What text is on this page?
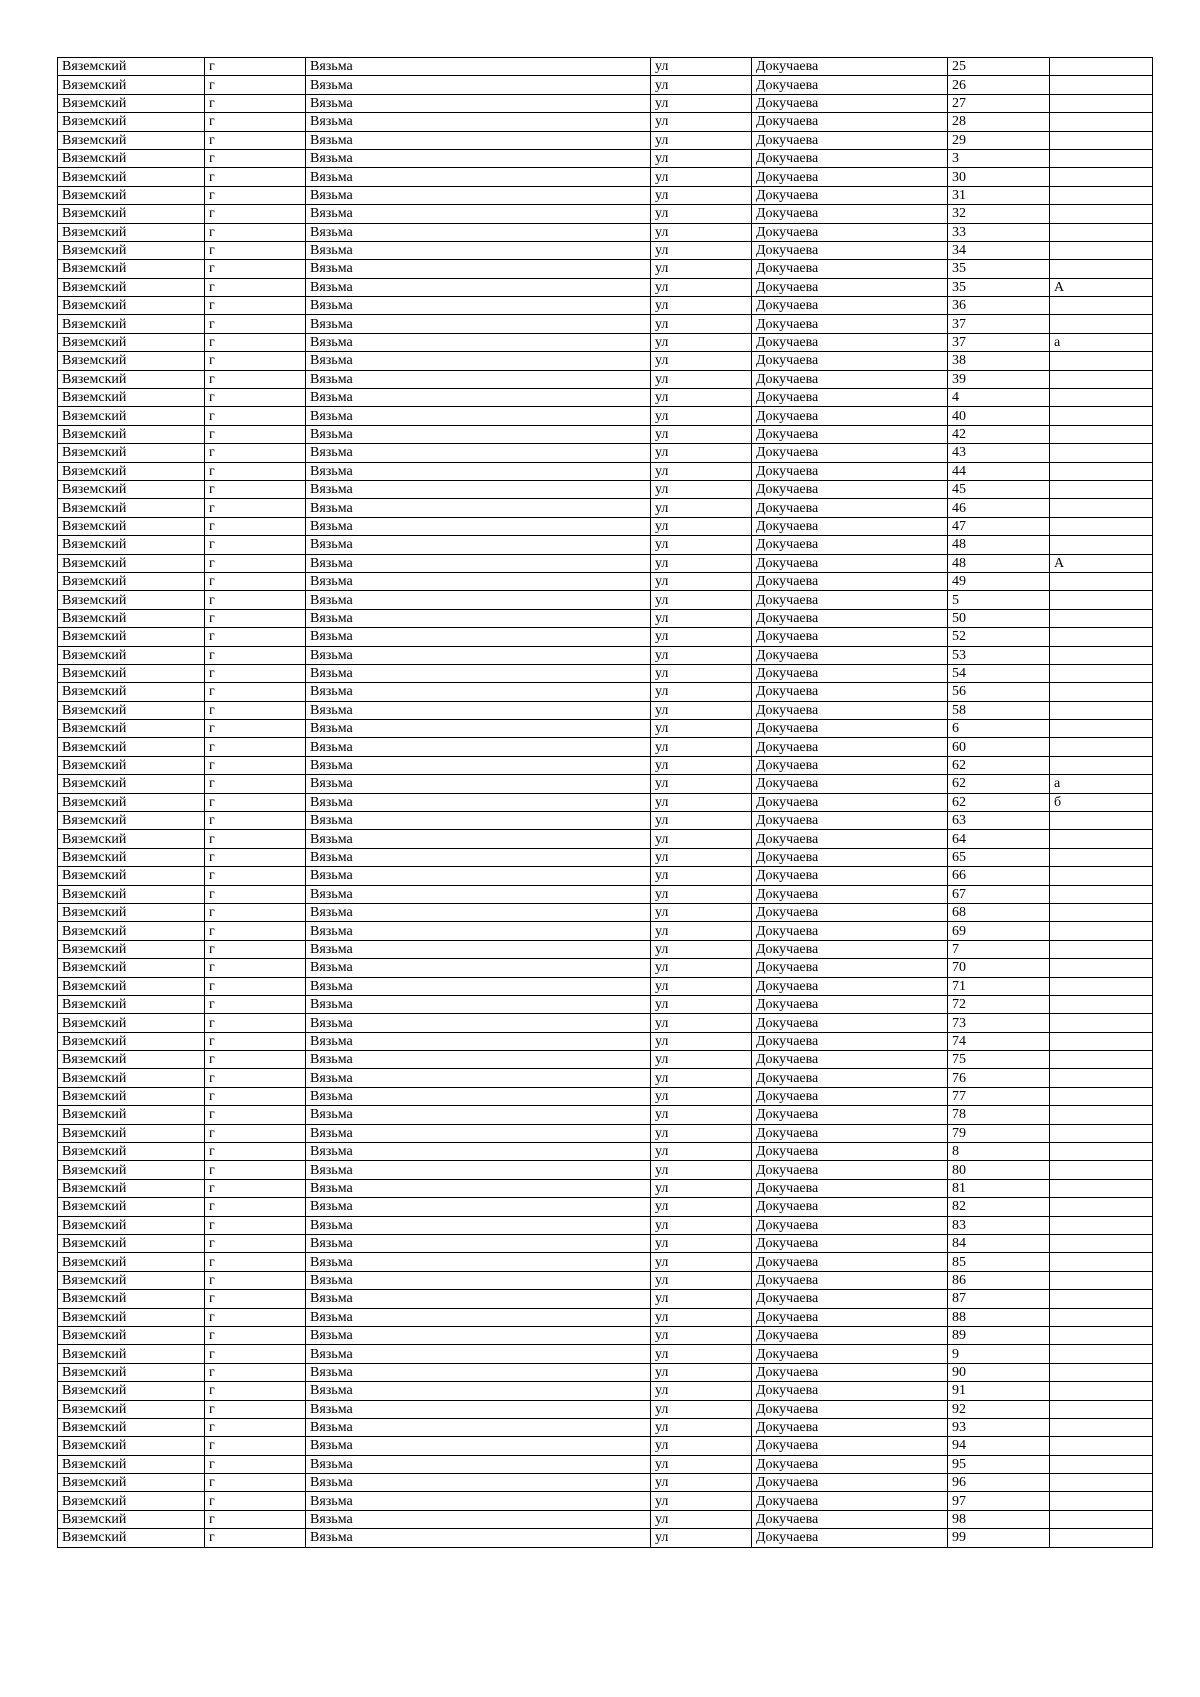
Вяземский	г	Вязьма	ул	Докучаева	25	
Вяземский	г	Вязьма	ул	Докучаева	26	
Вяземский	г	Вязьма	ул	Докучаева	27	
Вяземский	г	Вязьма	ул	Докучаева	28	
Вяземский	г	Вязьма	ул	Докучаева	29	
Вяземский	г	Вязьма	ул	Докучаева	3	
Вяземский	г	Вязьма	ул	Докучаева	30	
Вяземский	г	Вязьма	ул	Докучаева	31	
Вяземский	г	Вязьма	ул	Докучаева	32	
Вяземский	г	Вязьма	ул	Докучаева	33	
Вяземский	г	Вязьма	ул	Докучаева	34	
Вяземский	г	Вязьма	ул	Докучаева	35	
Вяземский	г	Вязьма	ул	Докучаева	35	А
Вяземский	г	Вязьма	ул	Докучаева	36	
Вяземский	г	Вязьма	ул	Докучаева	37	
Вяземский	г	Вязьма	ул	Докучаева	37	а
Вяземский	г	Вязьма	ул	Докучаева	38	
Вяземский	г	Вязьма	ул	Докучаева	39	
Вяземский	г	Вязьма	ул	Докучаева	4	
Вяземский	г	Вязьма	ул	Докучаева	40	
Вяземский	г	Вязьма	ул	Докучаева	42	
Вяземский	г	Вязьма	ул	Докучаева	43	
Вяземский	г	Вязьма	ул	Докучаева	44	
Вяземский	г	Вязьма	ул	Докучаева	45	
Вяземский	г	Вязьма	ул	Докучаева	46	
Вяземский	г	Вязьма	ул	Докучаева	47	
Вяземский	г	Вязьма	ул	Докучаева	48	
Вяземский	г	Вязьма	ул	Докучаева	48	А
Вяземский	г	Вязьма	ул	Докучаева	49	
Вяземский	г	Вязьма	ул	Докучаева	5	
Вяземский	г	Вязьма	ул	Докучаева	50	
Вяземский	г	Вязьма	ул	Докучаева	52	
Вяземский	г	Вязьма	ул	Докучаева	53	
Вяземский	г	Вязьма	ул	Докучаева	54	
Вяземский	г	Вязьма	ул	Докучаева	56	
Вяземский	г	Вязьма	ул	Докучаева	58	
Вяземский	г	Вязьма	ул	Докучаева	6	
Вяземский	г	Вязьма	ул	Докучаева	60	
Вяземский	г	Вязьма	ул	Докучаева	62	
Вяземский	г	Вязьма	ул	Докучаева	62	а
Вяземский	г	Вязьма	ул	Докучаева	62	б
Вяземский	г	Вязьма	ул	Докучаева	63	
Вяземский	г	Вязьма	ул	Докучаева	64	
Вяземский	г	Вязьма	ул	Докучаева	65	
Вяземский	г	Вязьма	ул	Докучаева	66	
Вяземский	г	Вязьма	ул	Докучаева	67	
Вяземский	г	Вязьма	ул	Докучаева	68	
Вяземский	г	Вязьма	ул	Докучаева	69	
Вяземский	г	Вязьма	ул	Докучаева	7	
Вяземский	г	Вязьма	ул	Докучаева	70	
Вяземский	г	Вязьма	ул	Докучаева	71	
Вяземский	г	Вязьма	ул	Докучаева	72	
Вяземский	г	Вязьма	ул	Докучаева	73	
Вяземский	г	Вязьма	ул	Докучаева	74	
Вяземский	г	Вязьма	ул	Докучаева	75	
Вяземский	г	Вязьма	ул	Докучаева	76	
Вяземский	г	Вязьма	ул	Докучаева	77	
Вяземский	г	Вязьма	ул	Докучаева	78	
Вяземский	г	Вязьма	ул	Докучаева	79	
Вяземский	г	Вязьма	ул	Докучаева	8	
Вяземский	г	Вязьма	ул	Докучаева	80	
Вяземский	г	Вязьма	ул	Докучаева	81	
Вяземский	г	Вязьма	ул	Докучаева	82	
Вяземский	г	Вязьма	ул	Докучаева	83	
Вяземский	г	Вязьма	ул	Докучаева	84	
Вяземский	г	Вязьма	ул	Докучаева	85	
Вяземский	г	Вязьма	ул	Докучаева	86	
Вяземский	г	Вязьма	ул	Докучаева	87	
Вяземский	г	Вязьма	ул	Докучаева	88	
Вяземский	г	Вязьма	ул	Докучаева	89	
Вяземский	г	Вязьма	ул	Докучаева	9	
Вяземский	г	Вязьма	ул	Докучаева	90	
Вяземский	г	Вязьма	ул	Докучаева	91	
Вяземский	г	Вязьма	ул	Докучаева	92	
Вяземский	г	Вязьма	ул	Докучаева	93	
Вяземский	г	Вязьма	ул	Докучаева	94	
Вяземский	г	Вязьма	ул	Докучаева	95	
Вяземский	г	Вязьма	ул	Докучаева	96	
Вяземский	г	Вязьма	ул	Докучаева	97	
Вяземский	г	Вязьма	ул	Докучаева	98	
Вяземский	г	Вязьма	ул	Докучаева	99	
